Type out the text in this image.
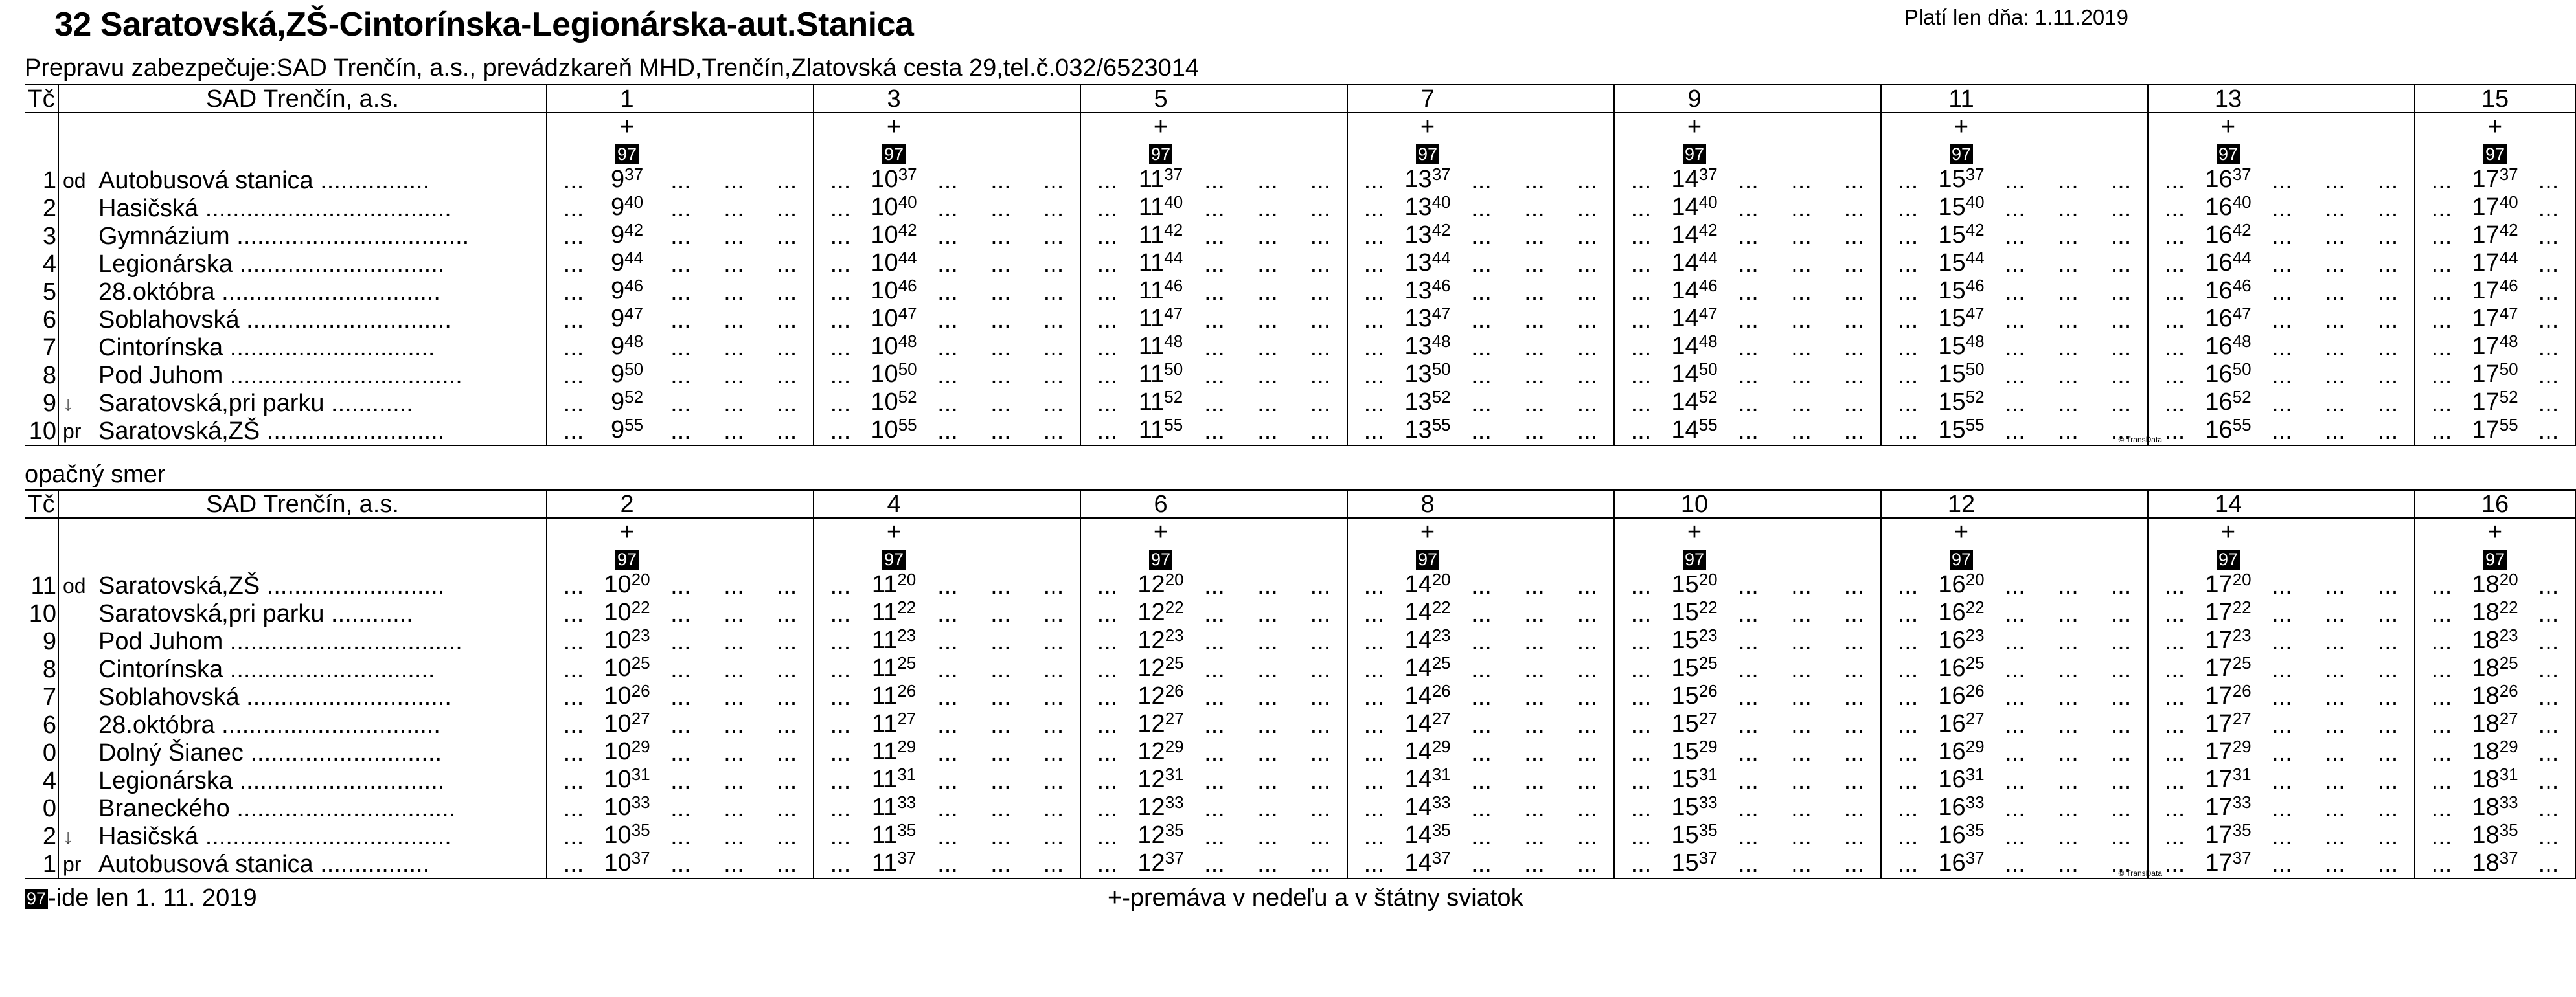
32 Saratovská,ZŠ-Cintorínska-Legionárska-aut.Stanica	Platí len dňa: 1.11.2019
Prepravu zabezpečuje:SAD Trenčín, a.s., prevádzkareň MHD,Trenčín,Zlatovská cesta 29,tel.č.032/6523014
opačný smer
Tč	SAD Trenčín, a.s.			1					3					5					7					9					11					13					15	
				+					+					+					+					+					+					+					+	
				97					97					97					97					97					97					97					97	
1	od	Autobusová stanica ................	...	$9^{37}$	...	...	...	...	$10^{37}$	...	...	...	...	$11^{37}$	...	...	...	...	$13^{37}$	...	...	...	...	$14^{37}$	...	...	...	...	$15^{37}$	...	...	...	...	$16^{37}$	...	...	...	...	$17^{37}$	...
2		Hasičská ....................................	...	$9^{40}$	...	...	...	...	$10^{40}$	...	...	...	...	$11^{40}$	...	...	...	...	$13^{40}$	...	...	...	...	$14^{40}$	...	...	...	...	$15^{40}$	...	...	...	...	$16^{40}$	...	...	...	...	$17^{40}$	...
3		Gymnázium ..................................	...	$9^{42}$	...	...	...	...	$10^{42}$	...	...	...	...	$11^{42}$	...	...	...	...	$13^{42}$	...	...	...	...	$14^{42}$	...	...	...	...	$15^{42}$	...	...	...	...	$16^{42}$	...	...	...	...	$17^{42}$	...
4		Legionárska ..............................	...	$9^{44}$	...	...	...	...	$10^{44}$	...	...	...	...	$11^{44}$	...	...	...	...	$13^{44}$	...	...	...	...	$14^{44}$	...	...	...	...	$15^{44}$	...	...	...	...	$16^{44}$	...	...	...	...	$17^{44}$	...
5		28.októbra ................................	...	$9^{46}$	...	...	...	...	$10^{46}$	...	...	...	...	$11^{46}$	...	...	...	...	$13^{46}$	...	...	...	...	$14^{46}$	...	...	...	...	$15^{46}$	...	...	...	...	$16^{46}$	...	...	...	...	$17^{46}$	...
6		Soblahovská ..............................	...	$9^{47}$	...	...	...	...	$10^{47}$	...	...	...	...	$11^{47}$	...	...	...	...	$13^{47}$	...	...	...	...	$14^{47}$	...	...	...	...	$15^{47}$	...	...	...	...	$16^{47}$	...	...	...	...	$17^{47}$	...
7		Cintorínska ..............................	...	$9^{48}$	...	...	...	...	$10^{48}$	...	...	...	...	$11^{48}$	...	...	...	...	$13^{48}$	...	...	...	...	$14^{48}$	...	...	...	...	$15^{48}$	...	...	...	...	$16^{48}$	...	...	...	...	$17^{48}$	...
8		Pod Juhom ..................................	...	$9^{50}$	...	...	...	...	$10^{50}$	...	...	...	...	$11^{50}$	...	...	...	...	$13^{50}$	...	...	...	...	$14^{50}$	...	...	...	...	$15^{50}$	...	...	...	...	$16^{50}$	...	...	...	...	$17^{50}$	...
9	↓	Saratovská,pri parku ............	...	$9^{52}$	...	...	...	...	$10^{52}$	...	...	...	...	$11^{52}$	...	...	...	...	$13^{52}$	...	...	...	...	$14^{52}$	...	...	...	...	$15^{52}$	...	...	...	...	$16^{52}$	...	...	...	...	$17^{52}$	...
10	pr	Saratovská,ZŠ ..........................	...	$9^{55}$	...	...	...	...	$10^{55}$	...	...	...	...	$11^{55}$	...	...	...	...	$13^{55}$	...	...	...	...	$14^{55}$	...	...	...	...	$15^{55}$	...	...	...	...	$16^{55}$	...	...	...	...	$17^{55}$	...
Tč	SAD Trenčín, a.s.			2					4					6					8					10					12					14					16	
				+					+					+					+					+					+					+					+	
				97					97					97					97					97					97					97					97	
11	od	Saratovská,ZŠ ..........................	...	$10^{20}$	...	...	...	...	$11^{20}$	...	...	...	...	$12^{20}$	...	...	...	...	$14^{20}$	...	...	...	...	$15^{20}$	...	...	...	...	$16^{20}$	...	...	...	...	$17^{20}$	...	...	...	...	$18^{20}$	...
10		Saratovská,pri parku ............	...	$10^{22}$	...	...	...	...	$11^{22}$	...	...	...	...	$12^{22}$	...	...	...	...	$14^{22}$	...	...	...	...	$15^{22}$	...	...	...	...	$16^{22}$	...	...	...	...	$17^{22}$	...	...	...	...	$18^{22}$	...
9		Pod Juhom ..................................	...	$10^{23}$	...	...	...	...	$11^{23}$	...	...	...	...	$12^{23}$	...	...	...	...	$14^{23}$	...	...	...	...	$15^{23}$	...	...	...	...	$16^{23}$	...	...	...	...	$17^{23}$	...	...	...	...	$18^{23}$	...
8		Cintorínska ..............................	...	$10^{25}$	...	...	...	...	$11^{25}$	...	...	...	...	$12^{25}$	...	...	...	...	$14^{25}$	...	...	...	...	$15^{25}$	...	...	...	...	$16^{25}$	...	...	...	...	$17^{25}$	...	...	...	...	$18^{25}$	...
7		Soblahovská ..............................	...	$10^{26}$	...	...	...	...	$11^{26}$	...	...	...	...	$12^{26}$	...	...	...	...	$14^{26}$	...	...	...	...	$15^{26}$	...	...	...	...	$16^{26}$	...	...	...	...	$17^{26}$	...	...	...	...	$18^{26}$	...
6		28.októbra ................................	...	$10^{27}$	...	...	...	...	$11^{27}$	...	...	...	...	$12^{27}$	...	...	...	...	$14^{27}$	...	...	...	...	$15^{27}$	...	...	...	...	$16^{27}$	...	...	...	...	$17^{27}$	...	...	...	...	$18^{27}$	...
0		Dolný Šianec ............................	...	$10^{29}$	...	...	...	...	$11^{29}$	...	...	...	...	$12^{29}$	...	...	...	...	$14^{29}$	...	...	...	...	$15^{29}$	...	...	...	...	$16^{29}$	...	...	...	...	$17^{29}$	...	...	...	...	$18^{29}$	...
4		Legionárska ..............................	...	$10^{31}$	...	...	...	...	$11^{31}$	...	...	...	...	$12^{31}$	...	...	...	...	$14^{31}$	...	...	...	...	$15^{31}$	...	...	...	...	$16^{31}$	...	...	...	...	$17^{31}$	...	...	...	...	$18^{31}$	...
0		Braneckého ................................	...	$10^{33}$	...	...	...	...	$11^{33}$	...	...	...	...	$12^{33}$	...	...	...	...	$14^{33}$	...	...	...	...	$15^{33}$	...	...	...	...	$16^{33}$	...	...	...	...	$17^{33}$	...	...	...	...	$18^{33}$	...
2	↓	Hasičská ....................................	...	$10^{35}$	...	...	...	...	$11^{35}$	...	...	...	...	$12^{35}$	...	...	...	...	$14^{35}$	...	...	...	...	$15^{35}$	...	...	...	...	$16^{35}$	...	...	...	...	$17^{35}$	...	...	...	...	$18^{35}$	...
1	pr	Autobusová stanica ................	...	$10^{37}$	...	...	...	...	$11^{37}$	...	...	...	...	$12^{37}$	...	...	...	...	$14^{37}$	...	...	...	...	$15^{37}$	...	...	...	...	$16^{37}$	...	...	...	...	$17^{37}$	...	...	...	...	$18^{37}$	...
© TransData
© TransData
97-ide len 1. 11. 2019	+-premáva v nedeľu a v štátny sviatok
